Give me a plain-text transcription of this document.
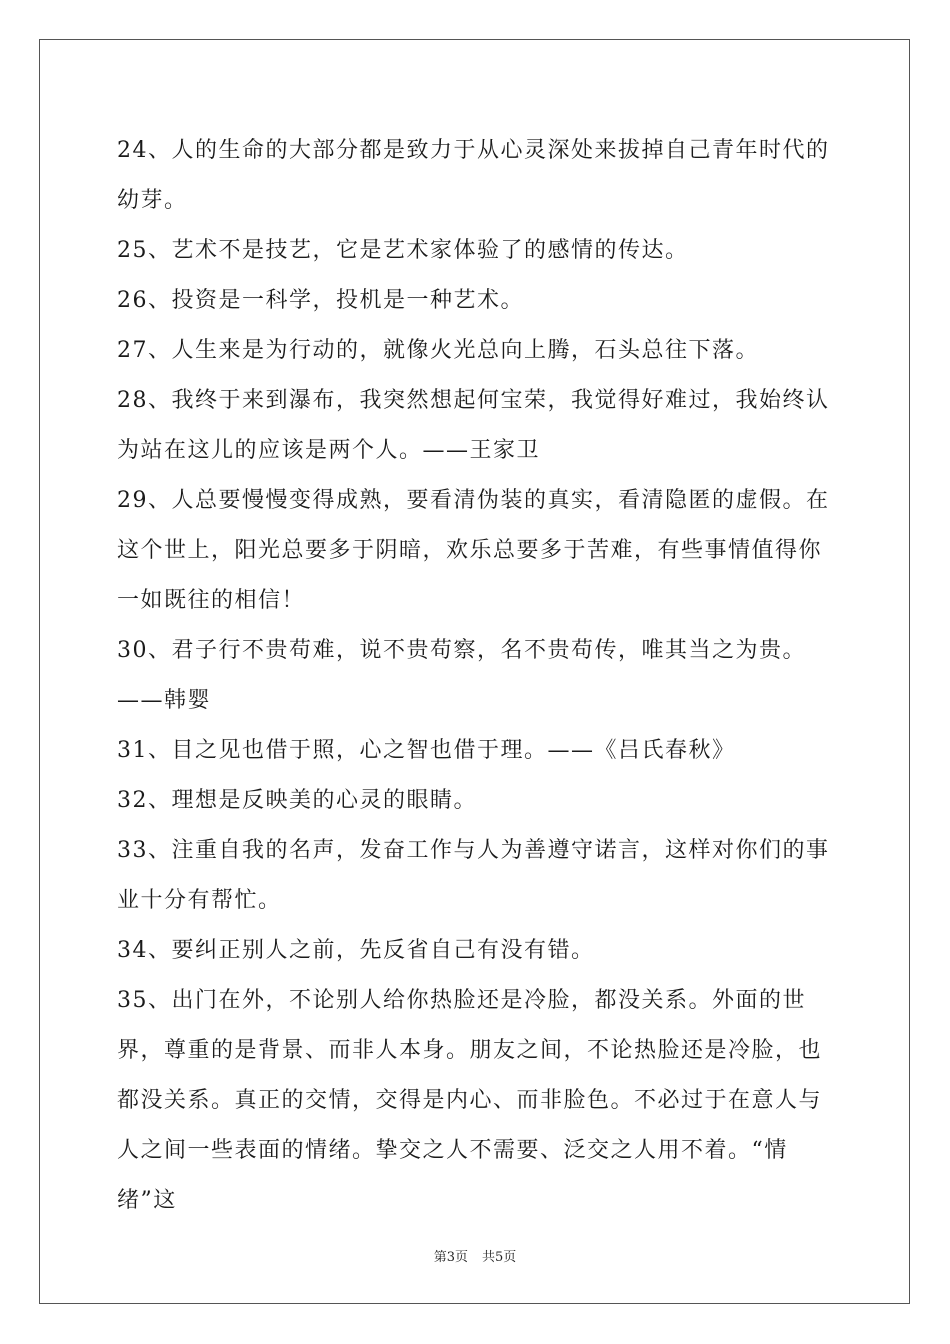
24、人的生命的大部分都是致力于从心灵深处来拔掉自己青年时代的幼芽。

25、艺术不是技艺，它是艺术家体验了的感情的传达。

26、投资是一科学，投机是一种艺术。

27、人生来是为行动的，就像火光总向上腾，石头总往下落。

28、我终于来到瀑布，我突然想起何宝荣，我觉得好难过，我始终认为站在这儿的应该是两个人。——王家卫

29、人总要慢慢变得成熟，要看清伪装的真实，看清隐匿的虚假。在这个世上，阳光总要多于阴暗，欢乐总要多于苦难，有些事情值得你一如既往的相信！

30、君子行不贵苟难，说不贵苟察，名不贵苟传，唯其当之为贵。——韩婴

31、目之见也借于照，心之智也借于理。——《吕氏春秋》

32、理想是反映美的心灵的眼睛。

33、注重自我的名声，发奋工作与人为善遵守诺言，这样对你们的事业十分有帮忙。

34、要纠正别人之前，先反省自己有没有错。

35、出门在外，不论别人给你热脸还是冷脸，都没关系。外面的世界，尊重的是背景、而非人本身。朋友之间，不论热脸还是冷脸，也都没关系。真正的交情，交得是内心、而非脸色。不必过于在意人与人之间一些表面的情绪。挚交之人不需要、泛交之人用不着。“情绪”这

第3页 共5页
